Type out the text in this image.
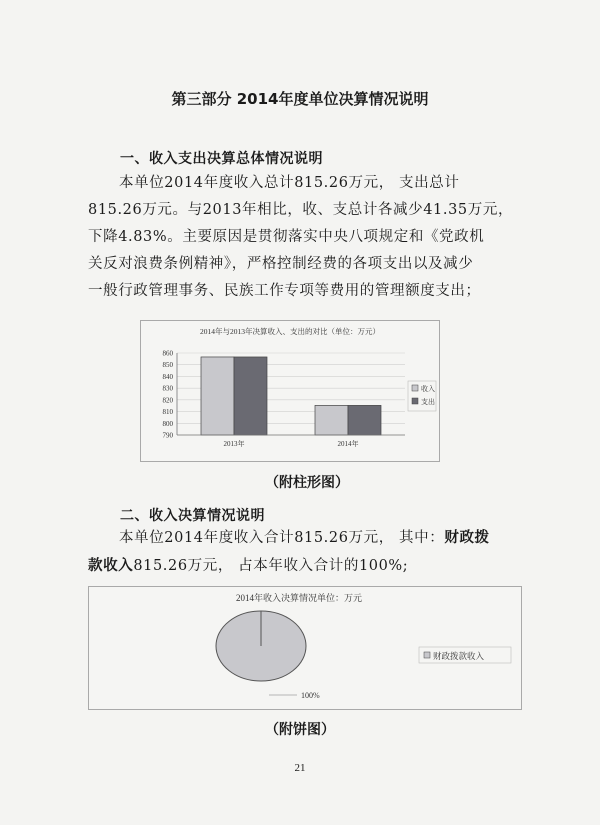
第三部分 2014年度单位决算情况说明
一、收入支出决算总体情况说明

本单位2014年度收入总计815.26万元， 支出总计

815.26万元。与2013年相比，收、支总计各减少41.35万元，

下降4.83%。主要原因是贯彻落实中央八项规定和《党政机

关反对浪费条例精神》，严格控制经费的各项支出以及减少

一般行政管理事务、民族工作专项等费用的管理额度支出；

2014年与2013年决算收入、支出的对比（单位：万元）
790
800
810
820
830
840
850
860
2013年	2014年
收入
支出
（附柱形图）
二、收入决算情况说明

本单位2014年度收入合计815.26万元， 其中：财政拨

款收入815.26万元， 占本年收入合计的100%;

2014年收入决算情况单位：万元
100%
财政拨款收入
（附饼图）
21
